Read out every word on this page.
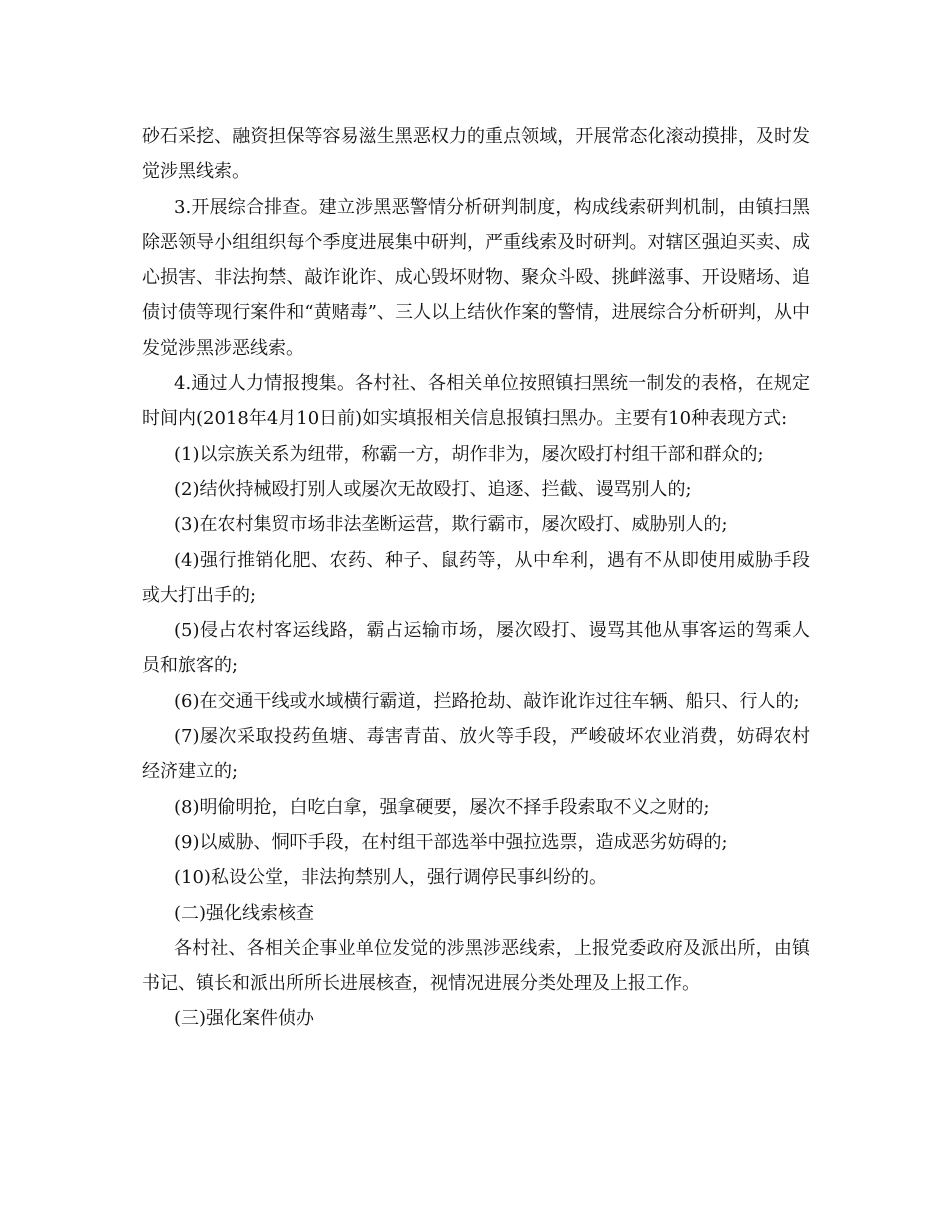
砂石采挖、融资担保等容易滋生黑恶权力的重点领域，开展常态化滚动摸排，及时发觉涉黑线索。

3.开展综合排查。建立涉黑恶警情分析研判制度，构成线索研判机制，由镇扫黑除恶领导小组组织每个季度进展集中研判，严重线索及时研判。对辖区强迫买卖、成心损害、非法拘禁、敲诈讹诈、成心毁坏财物、聚众斗殴、挑衅滋事、开设赌场、追债讨债等现行案件和“黄赌毒”、三人以上结伙作案的警情，进展综合分析研判，从中发觉涉黑涉恶线索。

4.通过人力情报搜集。各村社、各相关单位按照镇扫黑统一制发的表格，在规定时间内(2018年4月10日前)如实填报相关信息报镇扫黑办。主要有10种表现方式:

(1)以宗族关系为纽带，称霸一方，胡作非为，屡次殴打村组干部和群众的;

(2)结伙持械殴打别人或屡次无故殴打、追逐、拦截、谩骂别人的;

(3)在农村集贸市场非法垄断运营，欺行霸市，屡次殴打、威胁别人的;

(4)强行推销化肥、农药、种子、鼠药等，从中牟利，遇有不从即使用威胁手段或大打出手的;

(5)侵占农村客运线路，霸占运输市场，屡次殴打、谩骂其他从事客运的驾乘人员和旅客的;

(6)在交通干线或水域横行霸道，拦路抢劫、敲诈讹诈过往车辆、船只、行人的;

(7)屡次采取投药鱼塘、毒害青苗、放火等手段，严峻破坏农业消费，妨碍农村经济建立的;

(8)明偷明抢，白吃白拿，强拿硬要，屡次不择手段索取不义之财的;

(9)以威胁、恫吓手段，在村组干部选举中强拉选票，造成恶劣妨碍的;

(10)私设公堂，非法拘禁别人，强行调停民事纠纷的。

(二)强化线索核查

各村社、各相关企事业单位发觉的涉黑涉恶线索，上报党委政府及派出所，由镇书记、镇长和派出所所长进展核查，视情况进展分类处理及上报工作。

(三)强化案件侦办
